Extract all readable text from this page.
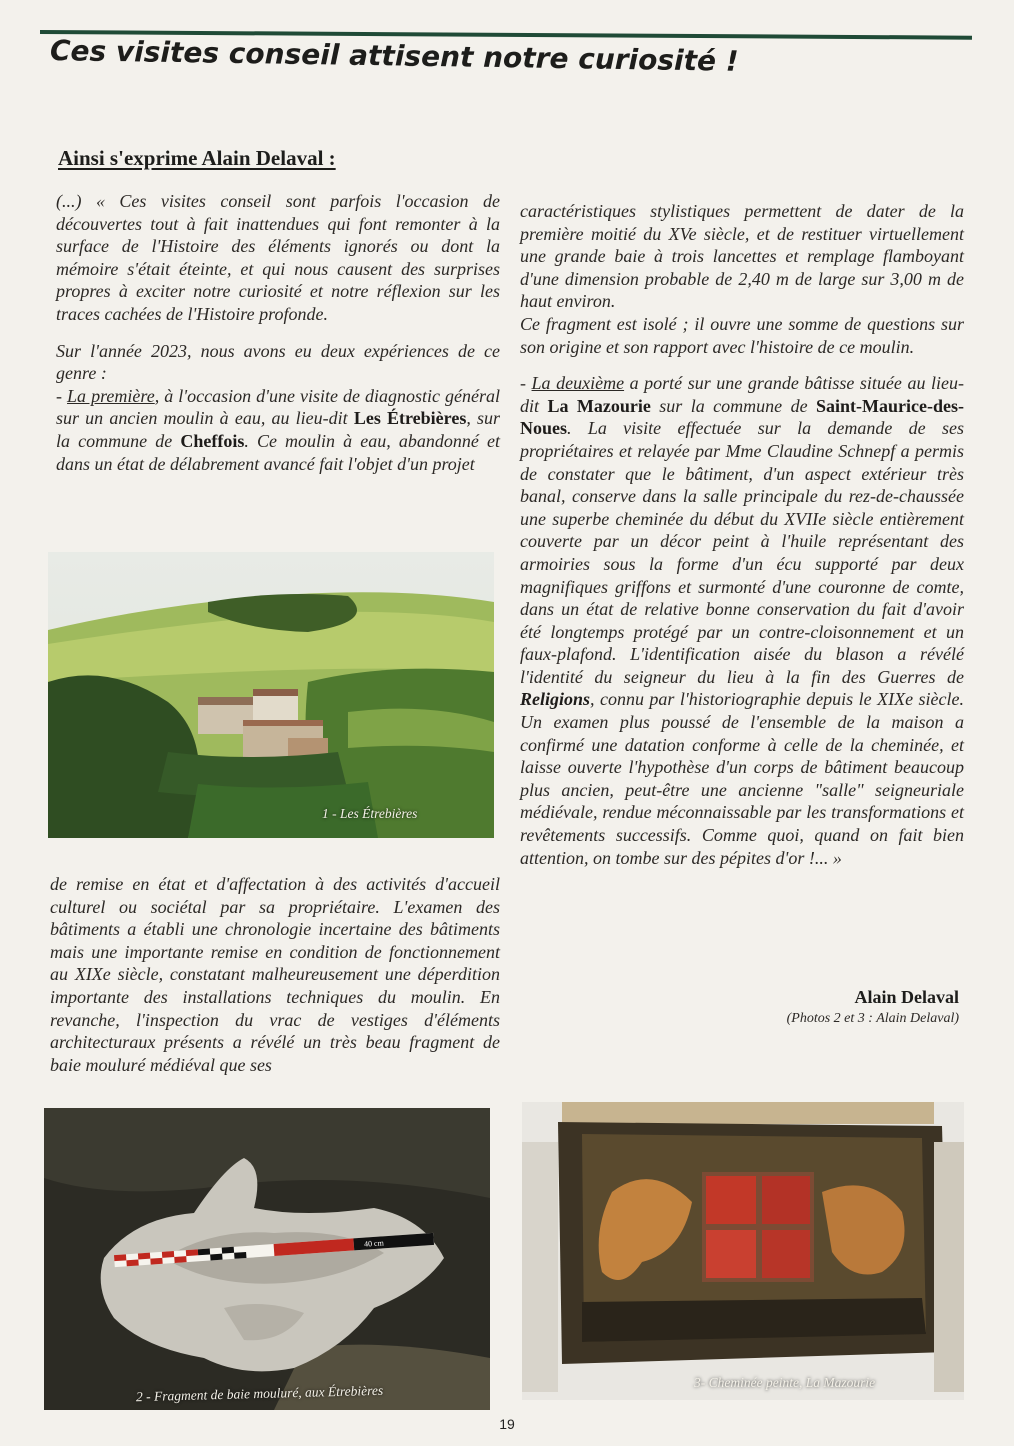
Ces visites conseil attisent notre curiosité !
Ainsi s'exprime Alain Delaval :

(...) « Ces visites conseil sont parfois l'occasion de découvertes tout à fait inattendues qui font remonter à la surface de l'Histoire des éléments ignorés ou dont la mémoire s'était éteinte, et qui nous causent des surprises propres à exciter notre curiosité et notre réflexion sur les traces cachées de l'Histoire profonde.

Sur l'année 2023, nous avons eu deux expériences de ce genre :

- La première, à l'occasion d'une visite de diagnostic général sur un ancien moulin à eau, au lieu-dit Les Étrebières, sur la commune de Cheffois. Ce moulin à eau, abandonné et dans un état de délabrement avancé fait l'objet d'un projet

1 - Les Étrebières

de remise en état et d'affectation à des activités d'accueil culturel ou sociétal par sa propriétaire. L'examen des bâtiments a établi une chronologie incertaine des bâtiments mais une importante remise en condition de fonctionnement au XIXe siècle, constatant malheureusement une déperdition importante des installations techniques du moulin. En revanche, l'inspection du vrac de vestiges d'éléments architecturaux présents a révélé un très beau fragment de baie mouluré médiéval que ses

caractéristiques stylistiques permettent de dater de la première moitié du XVe siècle, et de restituer virtuellement une grande baie à trois lancettes et remplage flamboyant d'une dimension probable de 2,40 m de large sur 3,00 m de haut environ.

Ce fragment est isolé ; il ouvre une somme de questions sur son origine et son rapport avec l'histoire de ce moulin.

- La deuxième a porté sur une grande bâtisse située au lieu-dit La Mazourie sur la commune de Saint-Maurice-des-Noues. La visite effectuée sur la demande de ses propriétaires et relayée par Mme Claudine Schnepf a permis de constater que le bâtiment, d'un aspect extérieur très banal, conserve dans la salle principale du rez-de-chaussée une superbe cheminée du début du XVIIe siècle entièrement couverte par un décor peint à l'huile représentant des armoiries sous la forme d'un écu supporté par deux magnifiques griffons et surmonté d'une couronne de comte, dans un état de relative bonne conservation du fait d'avoir été longtemps protégé par un contre-cloisonnement et un faux-plafond. L'identification aisée du blason a révélé l'identité du seigneur du lieu à la fin des Guerres de Religions, connu par l'historiographie depuis le XIXe siècle. Un examen plus poussé de l'ensemble de la maison a confirmé une datation conforme à celle de la cheminée, et laisse ouverte l'hypothèse d'un corps de bâtiment beaucoup plus ancien, peut-être une ancienne "salle" seigneuriale médiévale, rendue méconnaissable par les transformations et revêtements successifs. Comme quoi, quand on fait bien attention, on tombe sur des pépites d'or !... »

Alain Delaval
(Photos 2 et 3 : Alain Delaval)
40 cm
2 - Fragment de baie mouluré, aux Étrebières
3- Cheminée peinte, La Mazourie
19
